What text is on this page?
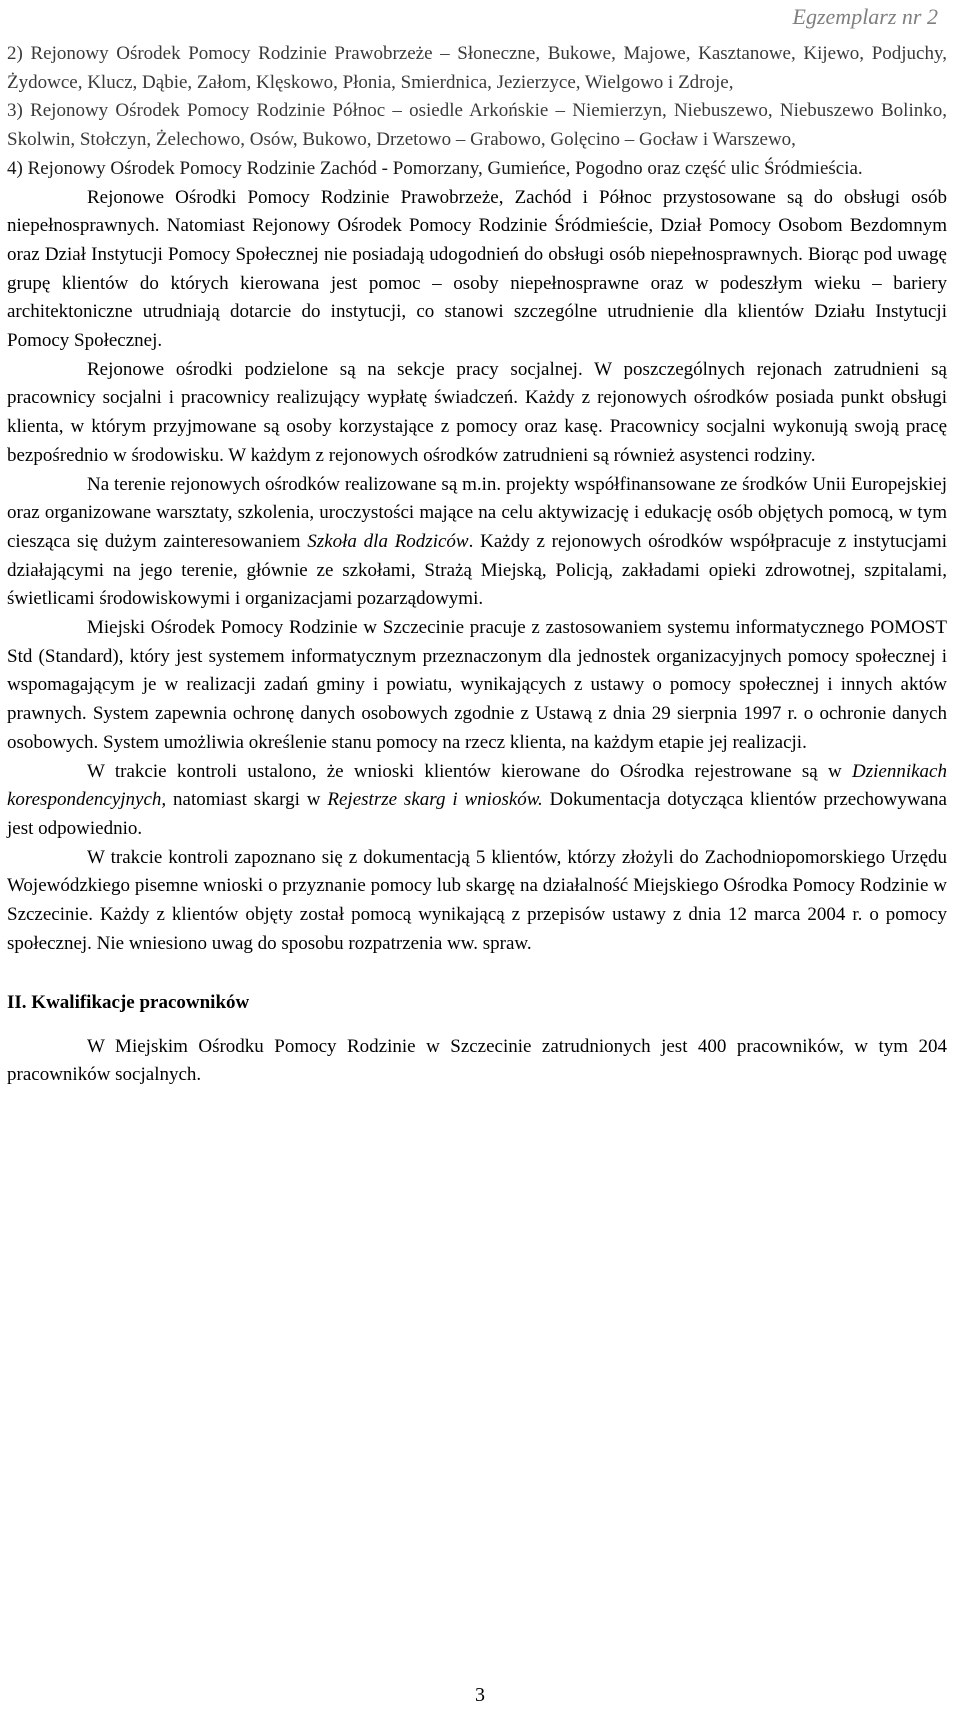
Egzemplarz nr 2

2) Rejonowy Ośrodek Pomocy Rodzinie Prawobrzeże – Słoneczne, Bukowe, Majowe, Kasztanowe, Kijewo, Podjuchy, Żydowce, Klucz, Dąbie, Załom, Klęskowo, Płonia, Smierdnica, Jezierzyce, Wielgowo i Zdroje,

3) Rejonowy Ośrodek Pomocy Rodzinie Północ – osiedle Arkońskie – Niemierzyn, Niebuszewo, Niebuszewo Bolinko, Skolwin, Stołczyn, Żelechowo, Osów, Bukowo, Drzetowo – Grabowo, Golęcino – Gocław i Warszewo,

4) Rejonowy Ośrodek Pomocy Rodzinie Zachód - Pomorzany, Gumieńce, Pogodno oraz część ulic Śródmieścia.

Rejonowe Ośrodki Pomocy Rodzinie Prawobrzeże, Zachód i Północ przystosowane są do obsługi osób niepełnosprawnych. Natomiast Rejonowy Ośrodek Pomocy Rodzinie Śródmieście, Dział Pomocy Osobom Bezdomnym oraz Dział Instytucji Pomocy Społecznej nie posiadają udogodnień do obsługi osób niepełnosprawnych. Biorąc pod uwagę grupę klientów do których kierowana jest pomoc – osoby niepełnosprawne oraz w podeszłym wieku – bariery architektoniczne utrudniają dotarcie do instytucji, co stanowi szczególne utrudnienie dla klientów Działu Instytucji Pomocy Społecznej.

Rejonowe ośrodki podzielone są na sekcje pracy socjalnej. W poszczególnych rejonach zatrudnieni są pracownicy socjalni i pracownicy realizujący wypłatę świadczeń. Każdy z rejonowych ośrodków posiada punkt obsługi klienta, w którym przyjmowane są osoby korzystające z pomocy oraz kasę. Pracownicy socjalni wykonują swoją pracę bezpośrednio w środowisku. W każdym z rejonowych ośrodków zatrudnieni są również asystenci rodziny.

Na terenie rejonowych ośrodków realizowane są m.in. projekty współfinansowane ze środków Unii Europejskiej oraz organizowane warsztaty, szkolenia, uroczystości mające na celu aktywizację i edukację osób objętych pomocą, w tym ciesząca się dużym zainteresowaniem Szkoła dla Rodziców. Każdy z rejonowych ośrodków współpracuje z instytucjami działającymi na jego terenie, głównie ze szkołami, Strażą Miejską, Policją, zakładami opieki zdrowotnej, szpitalami, świetlicami środowiskowymi i organizacjami pozarządowymi.

Miejski Ośrodek Pomocy Rodzinie w Szczecinie pracuje z zastosowaniem systemu informatycznego POMOST Std (Standard), który jest systemem informatycznym przeznaczonym dla jednostek organizacyjnych pomocy społecznej i wspomagającym je w realizacji zadań gminy i powiatu, wynikających z ustawy o pomocy społecznej i innych aktów prawnych. System zapewnia ochronę danych osobowych zgodnie z Ustawą z dnia 29 sierpnia 1997 r. o ochronie danych osobowych. System umożliwia określenie stanu pomocy na rzecz klienta, na każdym etapie jej realizacji.

W trakcie kontroli ustalono, że wnioski klientów kierowane do Ośrodka rejestrowane są w Dziennikach korespondencyjnych, natomiast skargi w Rejestrze skarg i wniosków. Dokumentacja dotycząca klientów przechowywana jest odpowiednio.

W trakcie kontroli zapoznano się z dokumentacją 5 klientów, którzy złożyli do Zachodniopomorskiego Urzędu Wojewódzkiego pisemne wnioski o przyznanie pomocy lub skargę na działalność Miejskiego Ośrodka Pomocy Rodzinie w Szczecinie. Każdy z klientów objęty został pomocą wynikającą z przepisów ustawy z dnia 12 marca 2004 r. o pomocy społecznej. Nie wniesiono uwag do sposobu rozpatrzenia ww. spraw.

II. Kwalifikacje pracowników

W Miejskim Ośrodku Pomocy Rodzinie w Szczecinie zatrudnionych jest 400 pracowników, w tym 204 pracowników socjalnych.

3
